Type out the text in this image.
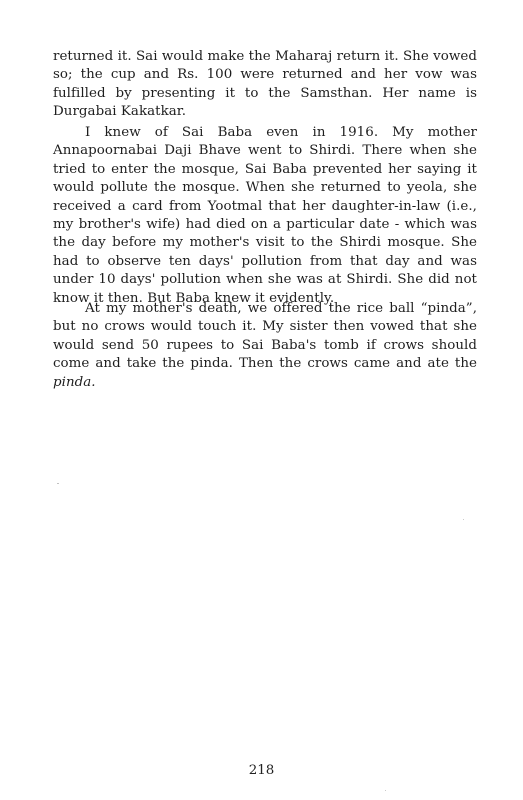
returned it. Sai would make the Maharaj return it. She vowed so; the cup and Rs. 100 were returned and her vow was fulfilled by presenting it to the Samsthan. Her name is Durgabai Kakatkar.

I knew of Sai Baba even in 1916. My mother Annapoornabai Daji Bhave went to Shirdi. There when she tried to enter the mosque, Sai Baba prevented her saying it would pollute the mosque. When she returned to yeola, she received a card from Yootmal that her daughter-in-law (i.e., my brother's wife) had died on a particular date - which was the day before my mother's visit to the Shirdi mosque. She had to observe ten days' pollution from that day and was under 10 days' pollution when she was at Shirdi. She did not know it then. But Baba knew it evidently.

At my mother's death, we offered the rice ball “pinda”, but no crows would touch it. My sister then vowed that she would send 50 rupees to Sai Baba's tomb if crows should come and take the pinda. Then the crows came and ate the pinda.

218
